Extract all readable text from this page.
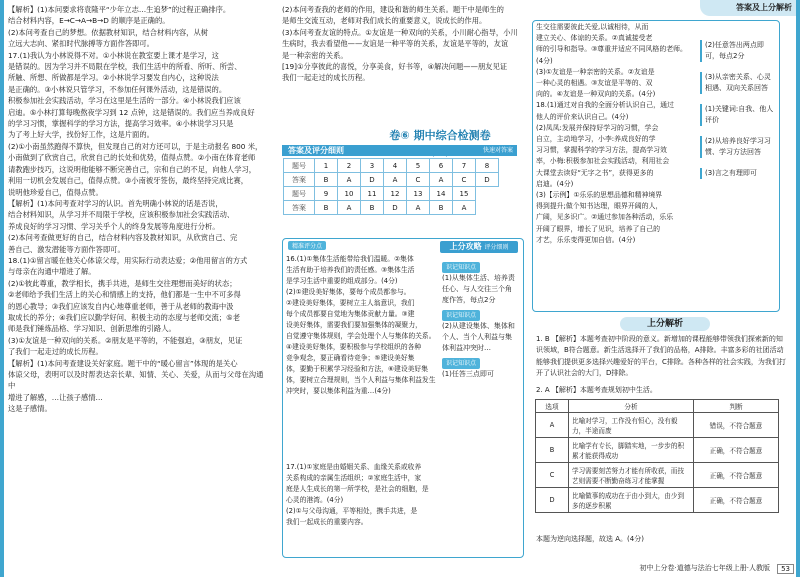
答案及上分解析
【解析】(1)本问要求将袁隆平“少年立志…生追梦”的过程正确排序。
结合材料内容，E→C→A→B→D 的顺序是正确的。
(2)本问考查自己的梦想。依据教材知识，结合材料内容，从树
立远大志向、紧扣时代脉搏等方面作答即可。
17.(1)我认为小林说得不对。①小林说在教室要上课才是学习，这
是错误的。因为学习并不局限在学校，我们生活中的所看、所听、所尝、
所触、所想、所做都是学习。②小林说学习要发自内心，这种说法
是正确的。③小林说只管学习，不参加任何课外活动，这是错误的。
积极参加社会实践活动，学习在这里是生活的一部分。④小林说我们应该
启迪。⑤小林打算每晚熬夜学习到 12 点钟，这是错误的。我们应当养成良好
的学习习惯，掌握科学的学习方法，提高学习效率。④小林说学习只是
为了考上好大学，找份好工作，这是片面的。
(2)①小南虽然跑得不算快，但发现自己的对方还可以，于是主动报名 800 米，
小南做到了欣赏自己，欣赏自己的长处和优势，值得点赞。②小南在体育老师
请教跑步技巧，这说明他能够不断完善自己，宗和自己的不足，向他人学习，
利用一切机会发展自己，值得点赞。③小南被牙签伤，最终坚持完成比赛，
说明他珍爱自己，值得点赞。
【解析】(1)本问考查对学习的认识。首先明确小林说的话是否说，
结合材料知识，从学习并不局限于学校，应该积极参加社会实践活动、
养成良好的学习习惯、学习关乎个人的终身发展等角度进行分析。
(2)本问考查做更好的自己，结合材料内容及教材知识，从欣赏自己、完
善自己、激发潜能等方面作答即可。
18.(1)①留言暖在他关心体谅父母，用实际行动表达爱；②他用留言的方式
与母亲在沟通中增进了解。
(2)①彼此尊重，教学相长，携手共进，是师生交往理想而美好的状态；
②老师给予我们生活上的关心和情感上的支持，他们都是一生中不可多得
的恩心教导；③我们应该发自内心地尊重老师，善于从老师的教诲中汲
取成长的养分；④我们应以勤学好问、积极主动的态度与老师交流；⑤老
师是我们锤炼品格、学习知识、创新思维的引路人。
(3)①友谊是一种双向的关系。②朋友是平等的，不能强迫，③朋友，见证
了我们一起走过的成长历程。
【解析】(1)本问考查建设关好家庭。题干中的“暖心留言”体现的是关心
体谅父母，表明可以及时帮表达亲长辈、知情、关心、关爱，从而与父母在沟通中
增进了解感，…让孩子感情…
这是子感情。
(2)本问考查我的老师的作用，建设和谐的师生关系。题干中是师生的
是师生交流互动，老师对我们成长的重要意义，说成长的作用。
(3)本问考查友谊的特点。①友谊是一种双向的关系，小川耐心指导，小川
生病时，我去看望他——友谊是一种平等的关系，友谊是平等的，友谊
是一种亲密的关系。
[19]①分享彼此的喜悦，分享美食，好书等，④解决问题——朋友见证
我们一起走过的成长历程。
卷⑥ 期中综合检测卷
答案及评分细则	快速对答案
题号	1	2	3	4	5	6	7	8
答案	B	A	D	A	C	A	C	D
题号	9	10	11	12	13	14	15	
答案	B	A	B	D	A	B	A	
精准评分点	上分攻略 评分细则
16.(1)①集体生活能带给我们温暖。②集体
生活有助于培养我们的责任感。③集体生活
是学习生活中重要的组成部分。(4分)
(2)①建设美好集体，要每个成员都参与。
②建设美好集体，要树立主人翁意识，我们
每个成员都要自觉地为集体贡献力量。③建
设美好集体，需要我们要加强集体的凝聚力，
自觉遵守集体规则，学会处理个人与集体的关系。
④建设美好集体，要积极参与学校组织的各种
竞争观念，要正确看待竞争；⑤建设美好集
体，要勤于积累学习经验和方法，⑥建设美好集
体，要树立合理规则，当个人利益与集体利益发生
冲突时，要以集体利益为重…(4分)
17.(1)①家庭是由婚姻关系、血缘关系或收养
关系构成的亲属生活组织；②家庭生活中，家
庭是人生成长的第一所学校，是社会的细胞，是
心灵的港湾。(4分)
(2)①与父母沟通，平等相处，携手共进，是
我们一起成长的重要内容。
识记知识点
(1)从集体生活、培养责任心、与人交往三个角度作答，每点2分
识记知识点
(2)从建设集体、集体和个人、当个人利益与集体利益冲突时…
识记知识点
(1)任答三点即可
生交往需要彼此关爱,以诚相待，从而
建立关心、体谅的关系。②真诚接受老
师的引导和指导。③尊重并适应不同风格的老师。
(4分)
(3)①友谊是一种亲密的关系。②友谊是
一种心灵的相遇。③友谊是平等的、双
向的。④友谊是一种双向的关系。(4分)
18.(1)通过对自我的全面分析认识自己，通过
他人的评价来认识自己。(4分)
(2)凤凤:发展并保持好学习的习惯，学会
自立，主动地学习，小李:养成良好的学
习习惯，掌握科学的学习方法，提高学习效
率，小梅:积极参加社会实践活动，利用社会
大课堂去读好“无字之书”，获得更多的
启迪。(4分)
(3)【示例】①乐乐的思想品德和精神境界
得到提升;做个知书达理，眼界开阔的人，
广阔，见多识广。②通过参加各种活动，乐乐
开阔了眼界，增长了见识，培养了自己的
才艺，乐乐变得更加自信。(4分)
(2)任意答出两点即可，每点2分
(3)从亲密关系、心灵相遇、双向关系回答
(1)关键词:自我、他人评价
(2)从培养良好学习习惯、学习方法回答
(3)言之有理即可
上分解析
1. B 【解析】本题考查初中阶段的意义。新增加的课程能够带领我们探索新的知识领域，B符合题意。新生活选择开了我们的品格，A排除。丰富多彩的社团活动能够我们提供更多选择兴趣爱好的平台，C排除。各种各样的社会实践，为我们打开了认识社会的大门，D排除。
2. A 【解析】本题考查规划初中生活。
选项	分析	判断
A	比喻对学习，工作没有恒心，没有毅力，半途而废	错误，不符合题意
B	比喻学有专长，脚踏实地，一步步的积累才能获得成功	正确，不符合题意
C	学习需要刻苦努力才能有所收获，而技艺则需要不断勤奋练习才能掌握	正确，不符合题意
D	比喻做事的成功在于由小到大，由少到多的逐步积累	正确，不符合题意
本题为逆向选择题，故选 A。(4分)
初中上分卷·道德与法治七年级上册·人教版	53
